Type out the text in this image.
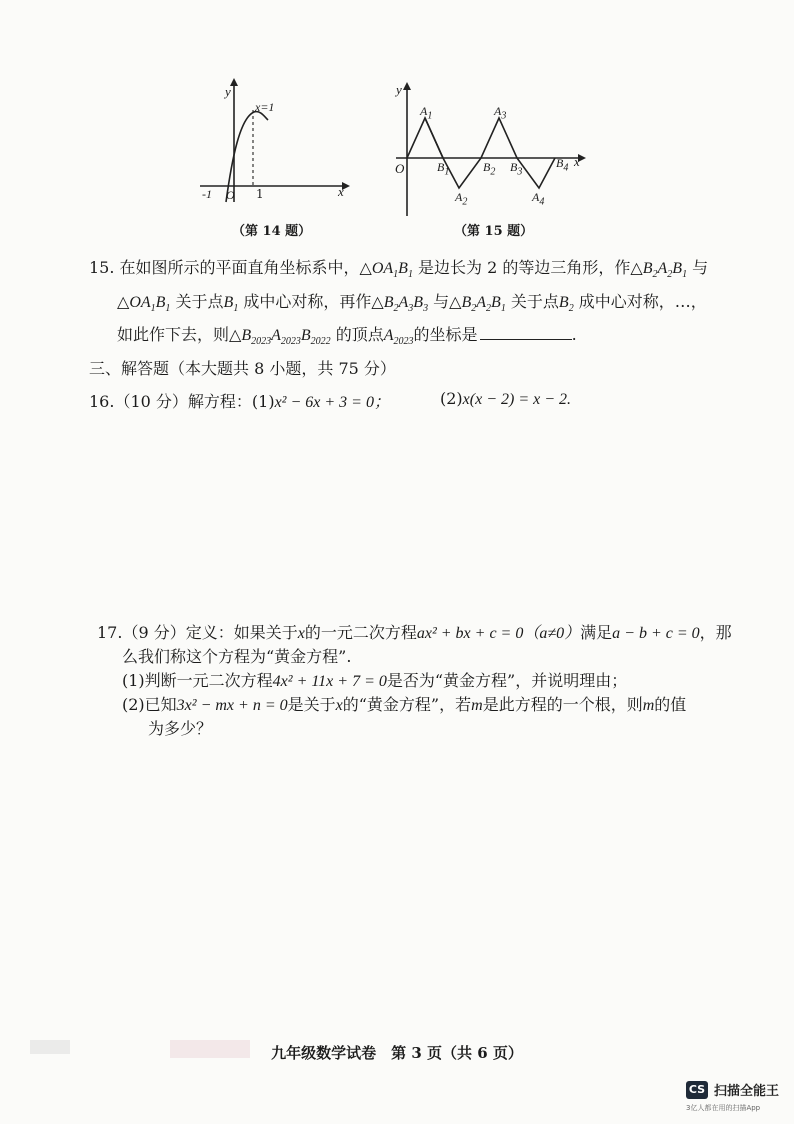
y
x
x=1
-1 O 1
（第 14 题）
y
x
O
$A_1$	$A_3$
$B_1$	$B_2$ $B_3$
$B_4$
$A_2$	$A_4$
（第 15 题）
15. 在如图所示的平面直角坐标系中，$\triangle OA_1B_1$ 是边长为 2 的等边三角形，作$\triangle B_2A_2B_1$ 与
$\triangle OA_1B_1$ 关于点$B_1$ 成中心对称，再作$\triangle B_2A_3B_3$ 与$\triangle B_2A_2B_1$ 关于点$B_2$ 成中心对称，…，
如此作下去，则$\triangle B_{2023}A_{2023}B_{2022}$ 的顶点$A_{2023}$的坐标是	.
三、解答题（本大题共 8 小题，共 75 分）
16.（10 分）解方程：(1)x² − 6x + 3 = 0；	(2)x(x − 2) = x − 2.
17.（9 分）定义：如果关于x的一元二次方程ax² + bx + c = 0（a≠0）满足a − b + c = 0，那
么我们称这个方程为“黄金方程”.
(1)判断一元二次方程4x² + 11x + 7 = 0是否为“黄金方程”，并说明理由；
(2)已知3x² − mx + n = 0是关于x的“黄金方程”，若m是此方程的一个根，则m的值
为多少？
九年级数学试卷　第 3 页（共 6 页）
CS 扫描全能王
3亿人都在用的扫描App
